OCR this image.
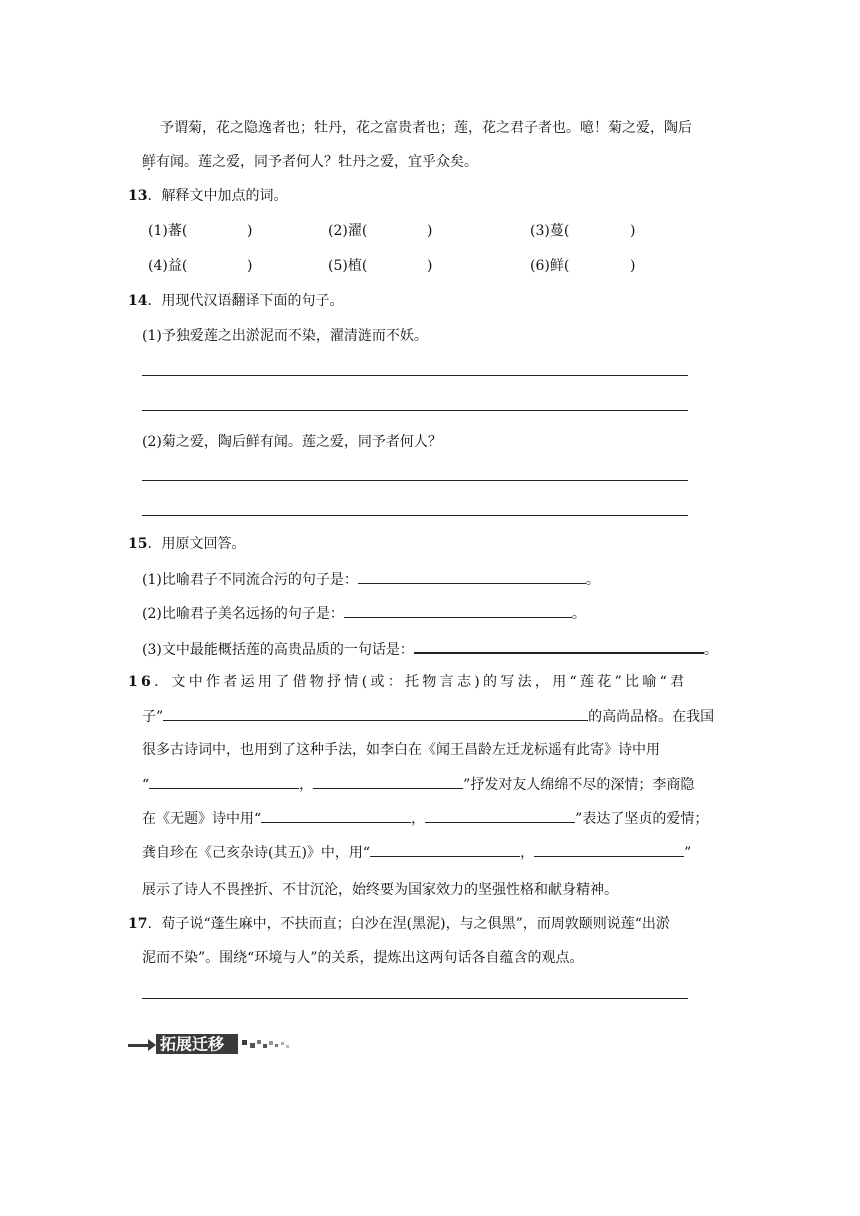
予谓菊，花之隐逸者也；牡丹，花之富贵者也；莲，花之君子者也。噫！菊之爱，陶后
鲜有闻。莲之爱，同予者何人？牡丹之爱，宜乎众矣。
13．解释文中加点的词。
(1)蕃(	)	(2)濯(	)	(3)蔓(	)
(4)益(	)	(5)植(	)	(6)鲜(	)
14．用现代汉语翻译下面的句子。
(1)予独爱莲之出淤泥而不染，濯清涟而不妖。
(2)菊之爱，陶后鲜有闻。莲之爱，同予者何人？
15．用原文回答。
(1)比喻君子不同流合污的句子是：	。
(2)比喻君子美名远扬的句子是：	。
(3)文中最能概括莲的高贵品质的一句话是：	。
16．文中作者运用了借物抒情(或：托物言志)的写法，用“莲花”比喻“君
子”	的高尚品格。在我国
很多古诗词中，也用到了这种手法，如李白在《闻王昌龄左迁龙标遥有此寄》诗中用
“	，	”抒发对友人绵绵不尽的深情；李商隐
在《无题》诗中用“	，	”表达了坚贞的爱情；
龚自珍在《己亥杂诗(其五)》中，用“	，	”
展示了诗人不畏挫折、不甘沉沦，始终要为国家效力的坚强性格和献身精神。
17．荀子说“蓬生麻中，不扶而直；白沙在涅(黑泥)，与之俱黑”，而周敦颐则说莲“出淤
泥而不染”。围绕“环境与人”的关系，提炼出这两句话各自蕴含的观点。
拓展迁移
